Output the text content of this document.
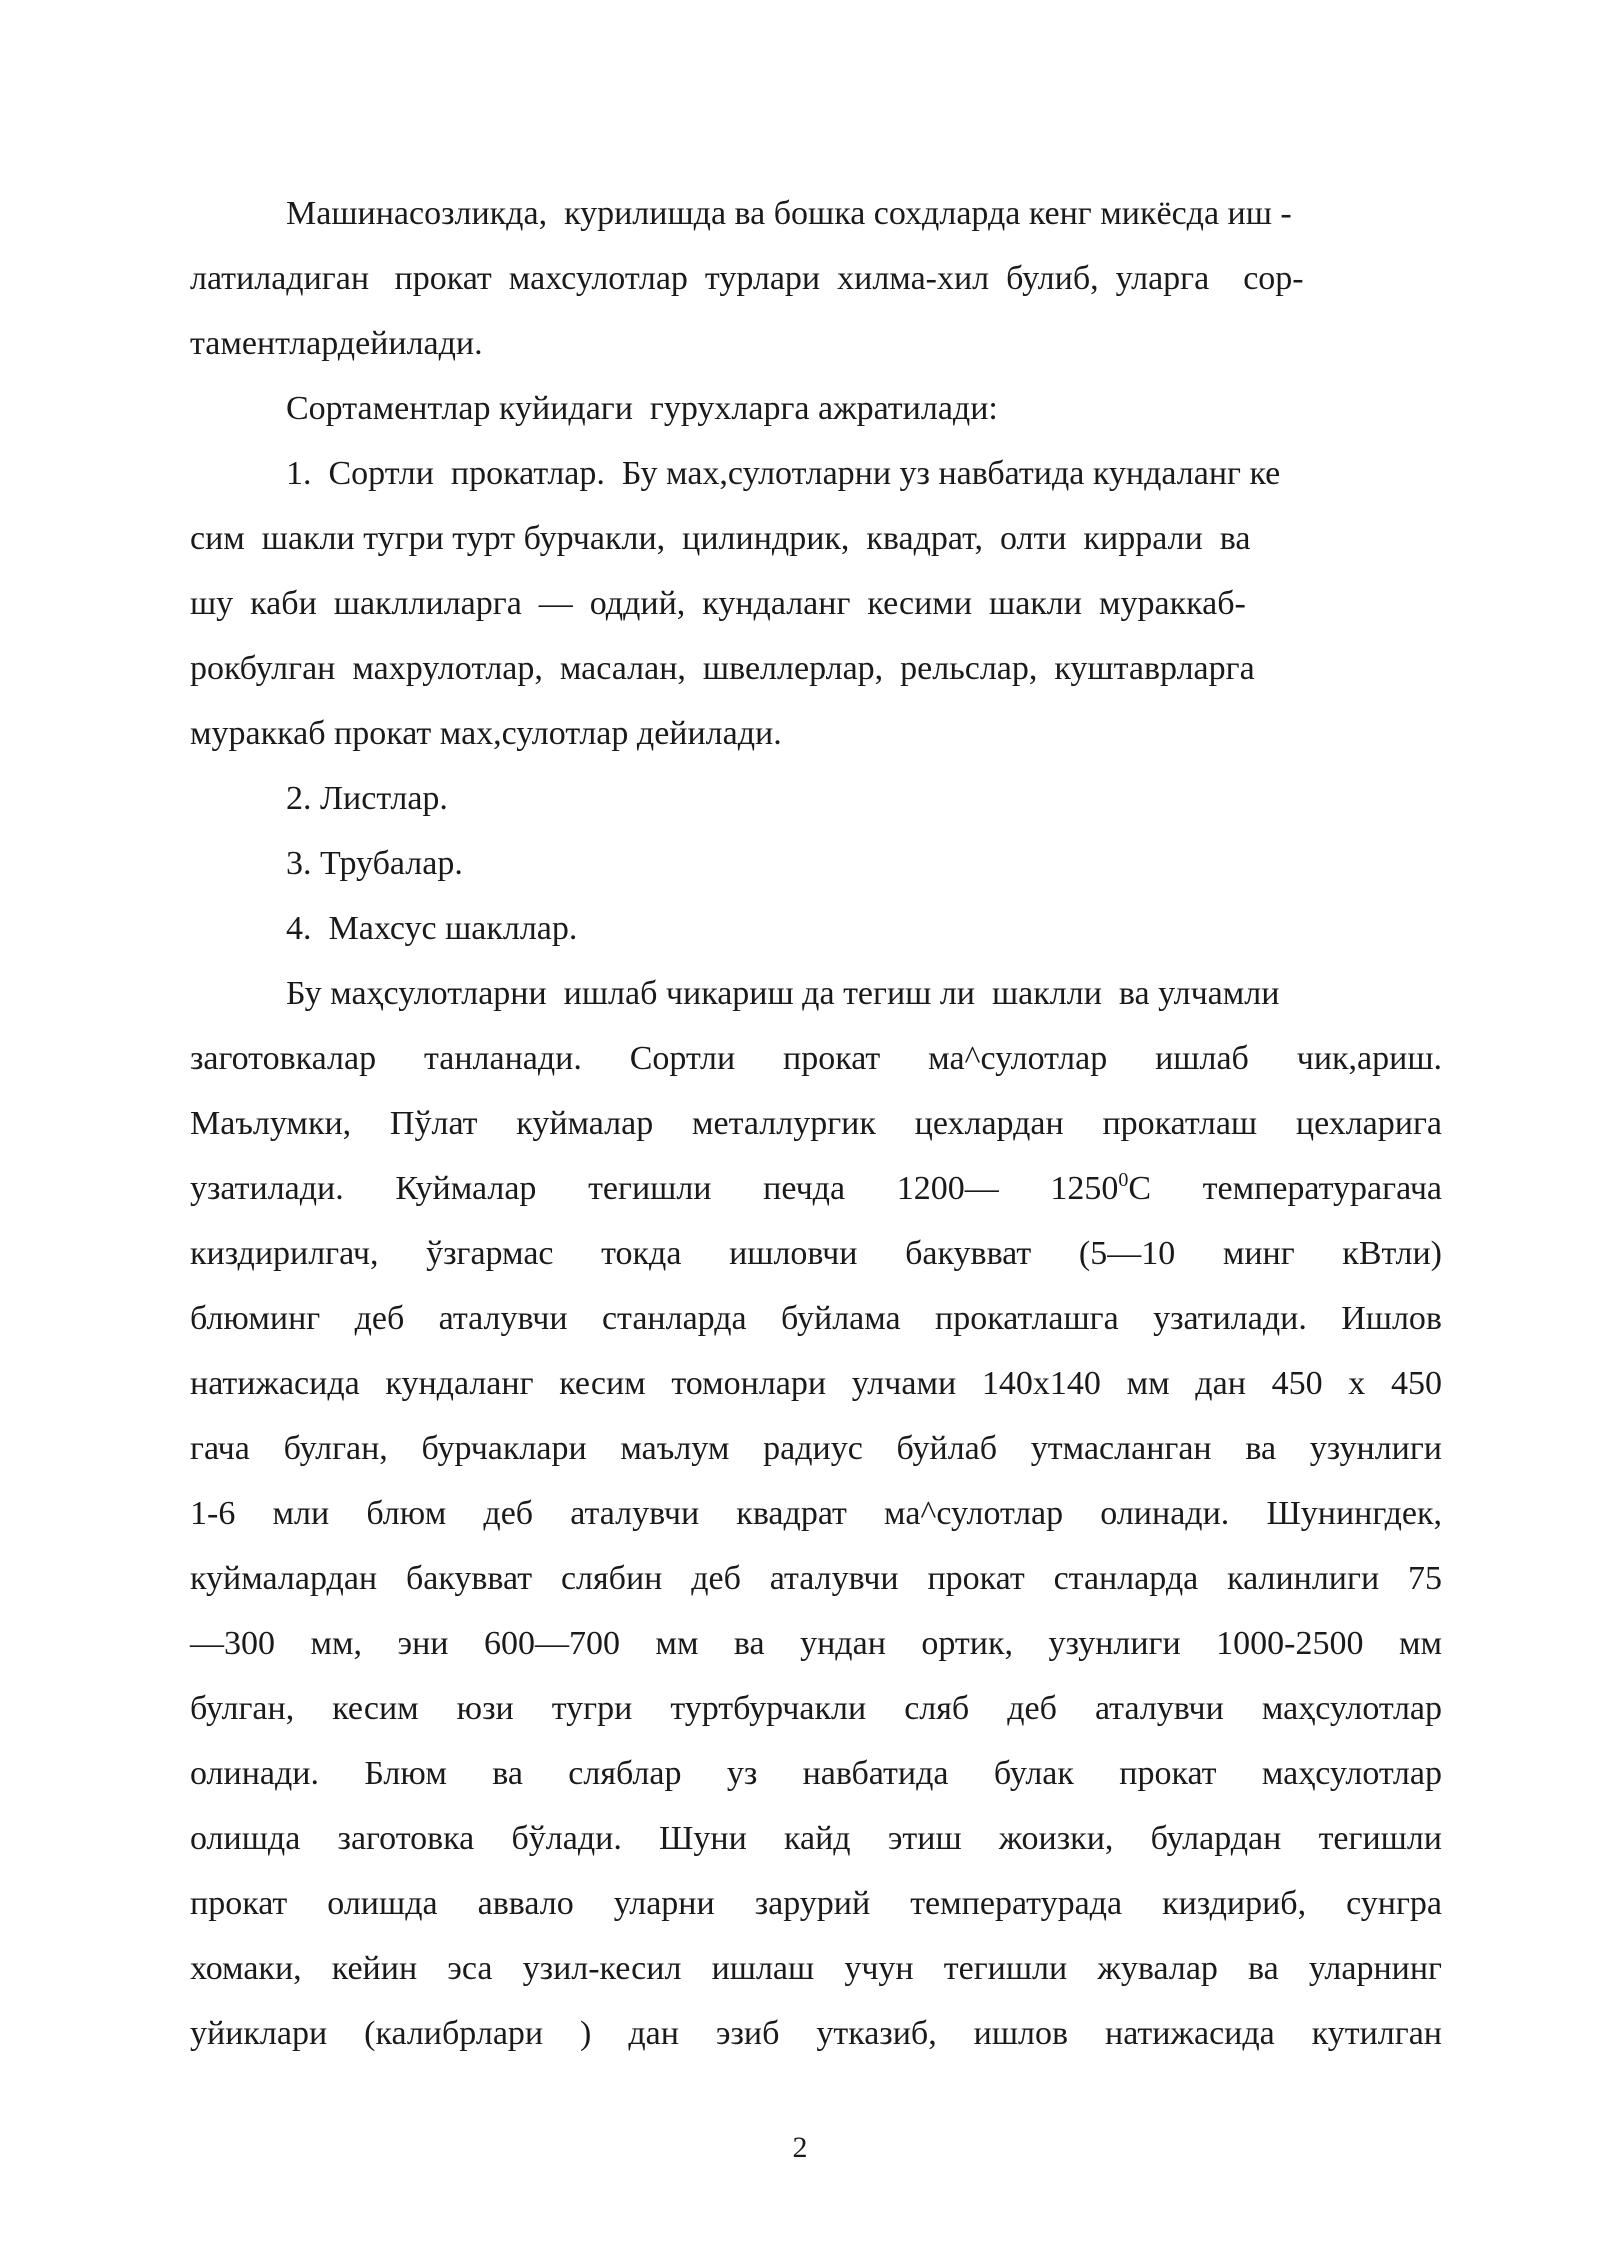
Машинасозликда,  курилишда ва бошка сохдларда кенг микёсда иш -
латиладиган   прокат  махсулотлар  турлари  хилма-хил  булиб,  уларга    сор-
таментлардейилади.
Сортаментлар куйидаги  гурухларга ажратилади:
1.  Сортли  прокатлар.  Бу мах,сулотларни уз навбатида кундаланг ке
сим  шакли тугри турт бурчакли,  цилиндрик,  квадрат,  олти  киррали  ва
шу  каби  шакллиларга  —  оддий,  кундаланг  кесими  шакли  мураккаб-
рокбулган  махрулотлар,  масалан,  швеллерлар,  рельслар,  куштаврларга
мураккаб прокат мах,сулотлар дейилади.
2. Листлар.
3. Трубалар.
4.  Махсус шакллар.
Бу маҳсулотларни  ишлаб чикариш да тегиш ли  шаклли  ва улчамли
заготовкалар танланади. Сортли прокат ма^сулотлар ишлаб чик,ариш.
Маълумки, Пўлат куймалар металлургик цехлардан прокатлаш цехларига
узатилади. Куймалар тегишли печда 1200— 1250$^0$С температурагача
киздирилгач, ўзгармас токда ишловчи бакувват (5—10 минг кВтли)
блюминг деб аталувчи станларда буйлама прокатлашга узатилади. Ишлов
натижасида кундаланг кесим томонлари улчами 140x140 мм дан 450 x 450
гача булган, бурчаклари маълум радиус буйлаб утмасланган ва узунлиги
1-6 мли блюм деб аталувчи квадрат ма^сулотлар олинади. Шунингдек,
куймалардан бакувват слябин деб аталувчи прокат станларда калинлиги 75
—300 мм, эни 600—700 мм ва ундан ортик, узунлиги 1000-2500 мм
булган, кесим юзи тугри туртбурчакли сляб деб аталувчи маҳсулотлар
олинади. Блюм ва сляблар уз навбатида булак прокат маҳсулотлар
олишда заготовка бўлади. Шуни кайд этиш жоизки, булардан тегишли
прокат олишда аввало уларни зарурий температурада киздириб, сунгра
хомаки, кейин эса узил-кесил ишлаш учун тегишли жувалар ва уларнинг
уйиклари (калибрлари ) дан эзиб утказиб, ишлов натижасида кутилган
2
